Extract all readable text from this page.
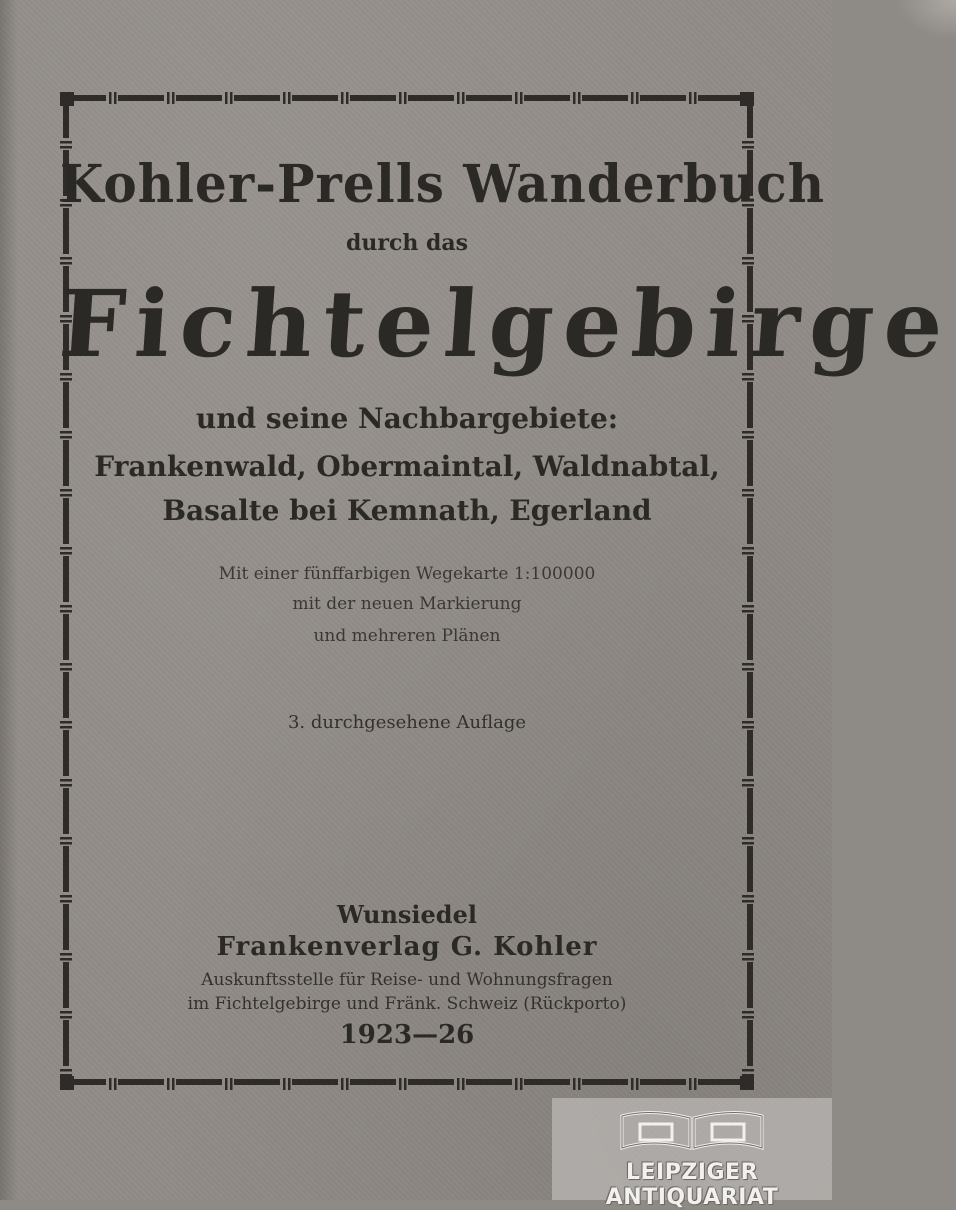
Kohler-Prells Wanderbuch
durch das
Fichtelgebirge
und seine Nachbargebiete:
Frankenwald, Obermaintal, Waldnabtal,
Basalte bei Kemnath, Egerland
Mit einer fünffarbigen Wegekarte 1:100000
mit der neuen Markierung
und mehreren Plänen
3. durchgesehene Auflage
Wunsiedel
Frankenverlag G. Kohler
Auskunftsstelle für Reise- und Wohnungsfragen
im Fichtelgebirge und Fränk. Schweiz (Rückporto)
1923—26
LEIPZIGER ANTIQUARIAT
